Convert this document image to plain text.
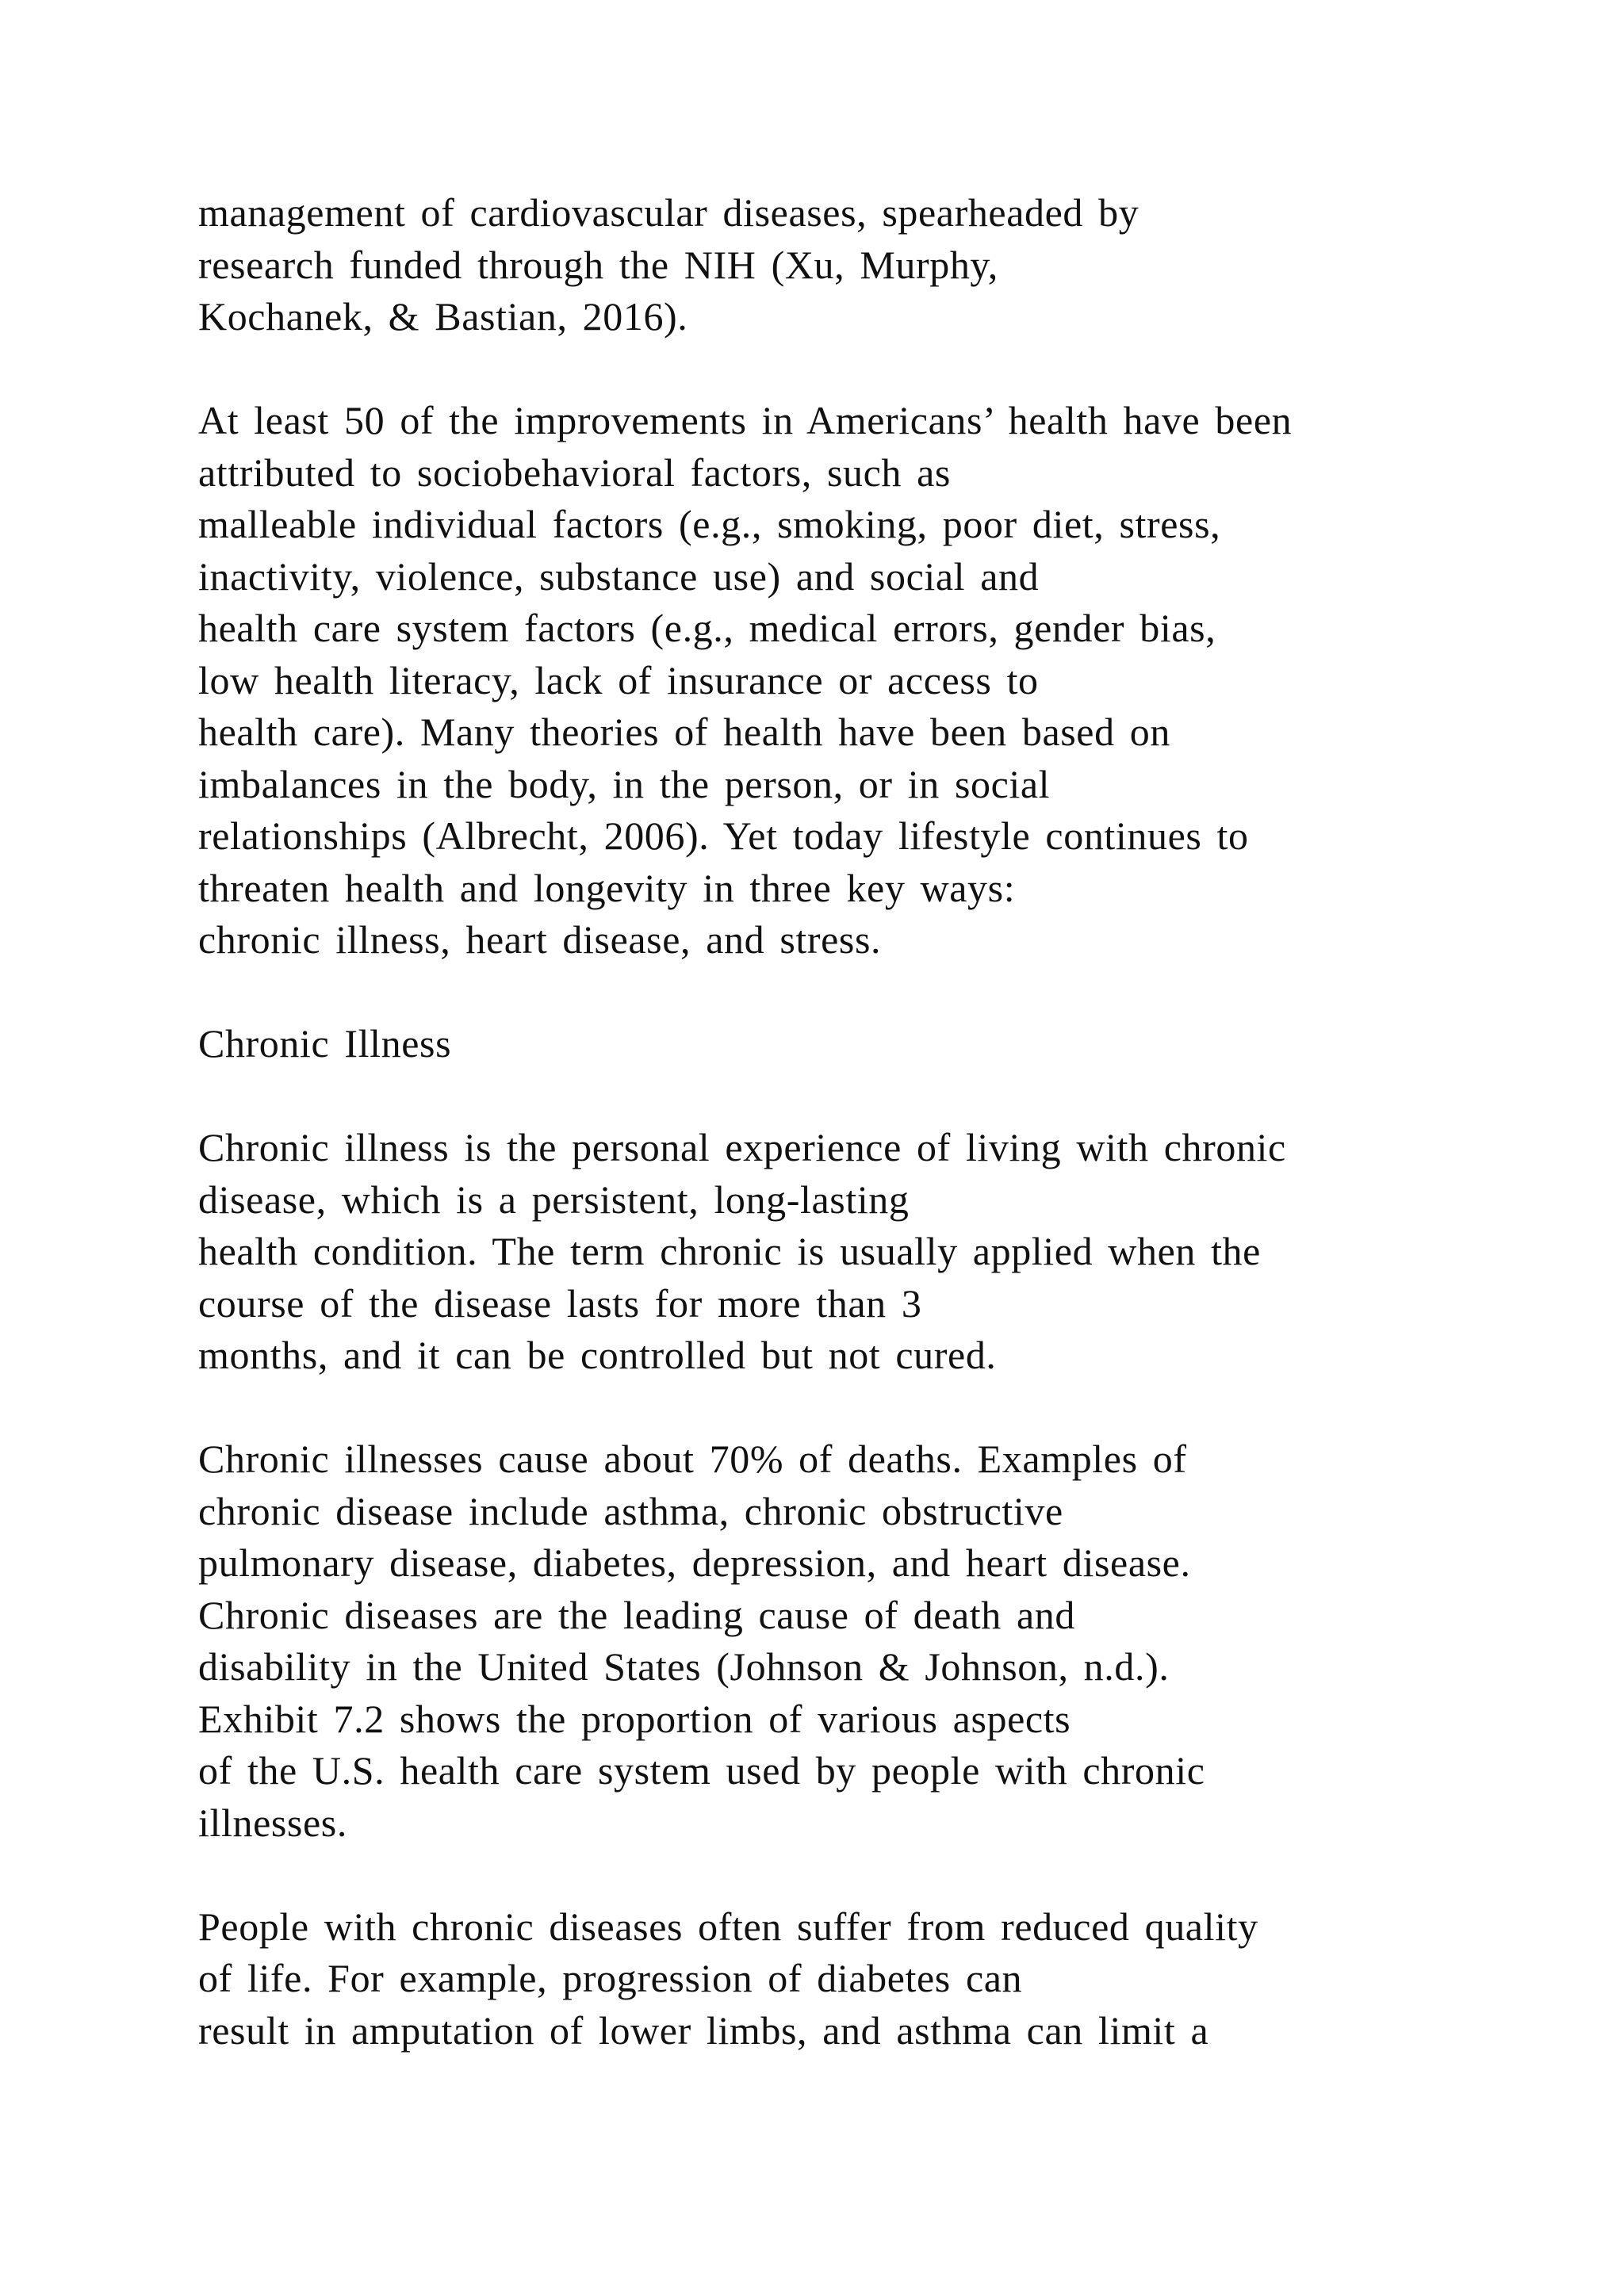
management of cardiovascular diseases, spearheaded by
research funded through the NIH (Xu, Murphy,
Kochanek, & Bastian, 2016).
At least 50 of the improvements in Americans’ health have been
attributed to sociobehavioral factors, such as
malleable individual factors (e.g., smoking, poor diet, stress,
inactivity, violence, substance use) and social and
health care system factors (e.g., medical errors, gender bias,
low health literacy, lack of insurance or access to
health care). Many theories of health have been based on
imbalances in the body, in the person, or in social
relationships (Albrecht, 2006). Yet today lifestyle continues to
threaten health and longevity in three key ways:
chronic illness, heart disease, and stress.
Chronic Illness
Chronic illness is the personal experience of living with chronic
disease, which is a persistent, long-lasting
health condition. The term chronic is usually applied when the
course of the disease lasts for more than 3
months, and it can be controlled but not cured.
Chronic illnesses cause about 70% of deaths. Examples of
chronic disease include asthma, chronic obstructive
pulmonary disease, diabetes, depression, and heart disease.
Chronic diseases are the leading cause of death and
disability in the United States (Johnson & Johnson, n.d.).
Exhibit 7.2 shows the proportion of various aspects
of the U.S. health care system used by people with chronic
illnesses.
People with chronic diseases often suffer from reduced quality
of life. For example, progression of diabetes can
result in amputation of lower limbs, and asthma can limit a
